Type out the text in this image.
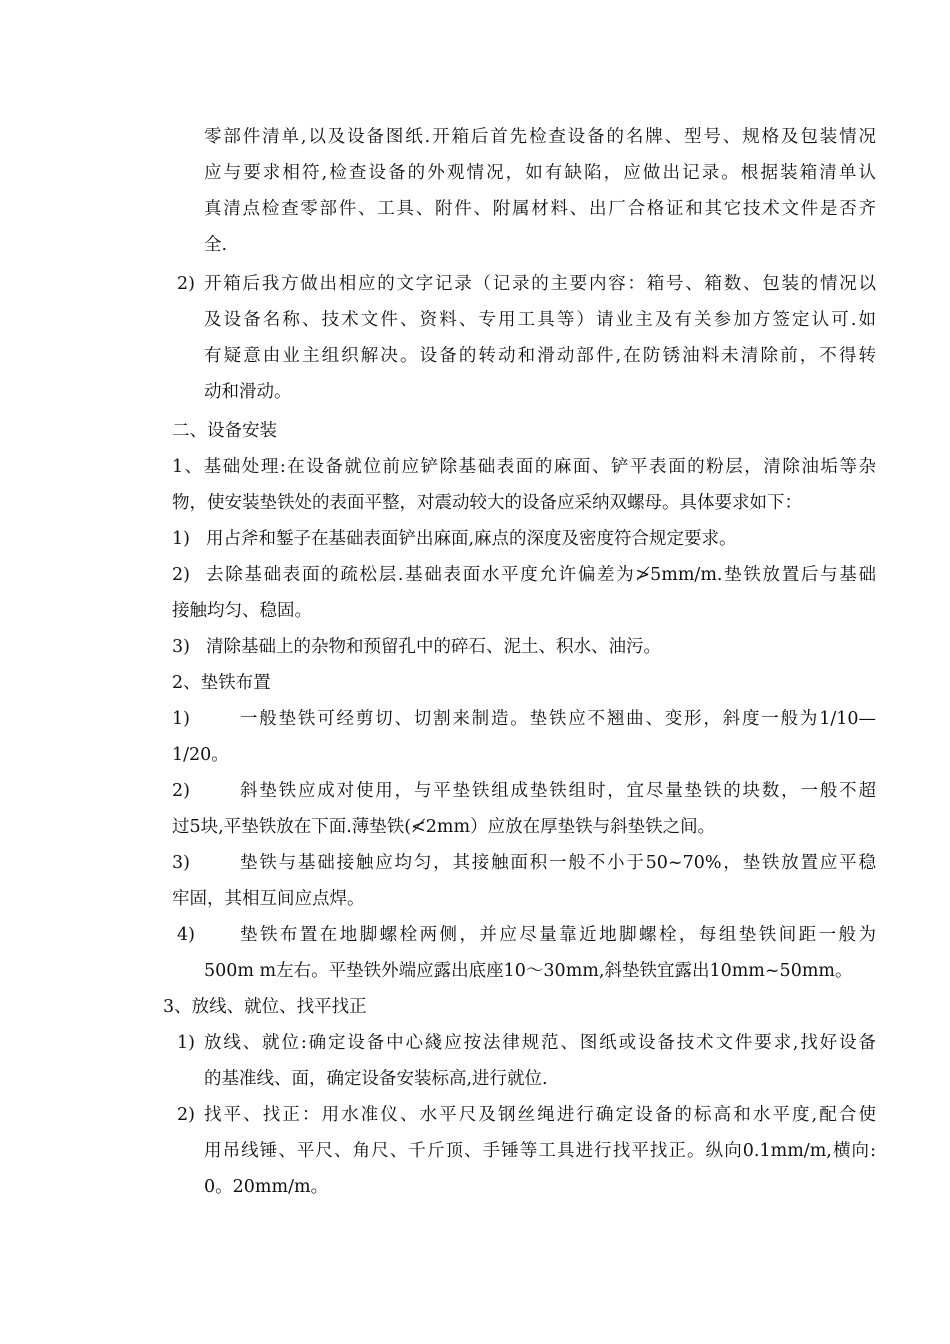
零部件清单,以及设备图纸.开箱后首先检查设备的名牌、型号、规格及包装情况
应与要求相符,检查设备的外观情况，如有缺陷，应做出记录。根据装箱清单认
真清点检查零部件、工具、附件、附属材料、出厂合格证和其它技术文件是否齐
全.
2) 开箱后我方做出相应的文字记录（记录的主要内容：箱号、箱数、包装的情况以
及设备名称、技术文件、资料、专用工具等）请业主及有关参加方签定认可.如
有疑意由业主组织解决。设备的转动和滑动部件,在防锈油料未清除前，不得转
动和滑动。
二、设备安装
1、基础处理:在设备就位前应铲除基础表面的麻面、铲平表面的粉层，清除油垢等杂
物，使安装垫铁处的表面平整，对震动较大的设备应采纳双螺母。具体要求如下：
1) 用占斧和錾子在基础表面铲出麻面,麻点的深度及密度符合规定要求。
2) 去除基础表面的疏松层.基础表面水平度允许偏差为≯5mm/m.垫铁放置后与基础
接触均匀、稳固。
3) 清除基础上的杂物和预留孔中的碎石、泥土、积水、油污。
2、垫铁布置
1)	一般垫铁可经剪切、切割来制造。垫铁应不翘曲、变形，斜度一般为1/10—
1/20。
2)	斜垫铁应成对使用，与平垫铁组成垫铁组时，宜尽量垫铁的块数，一般不超
过5块,平垫铁放在下面.薄垫铁(≮2mm）应放在厚垫铁与斜垫铁之间。
3)	垫铁与基础接触应均匀，其接触面积一般不小于50~70%，垫铁放置应平稳
牢固，其相互间应点焊。
4)	垫铁布置在地脚螺栓两侧，并应尽量靠近地脚螺栓，每组垫铁间距一般为
500m m左右。平垫铁外端应露出底座10～30mm,斜垫铁宜露出10mm~50mm。
3、放线、就位、找平找正
1) 放线、就位:确定设备中心綫应按法律规范、图纸或设备技术文件要求,找好设备
的基准线、面，确定设备安装标高,进行就位.
2) 找平、找正：用水准仪、水平尺及钢丝绳进行确定设备的标高和水平度,配合使
用吊线锤、平尺、角尺、千斤顶、手锤等工具进行找平找正。纵向0.1mm/m,横向:
0。20mm/m。
